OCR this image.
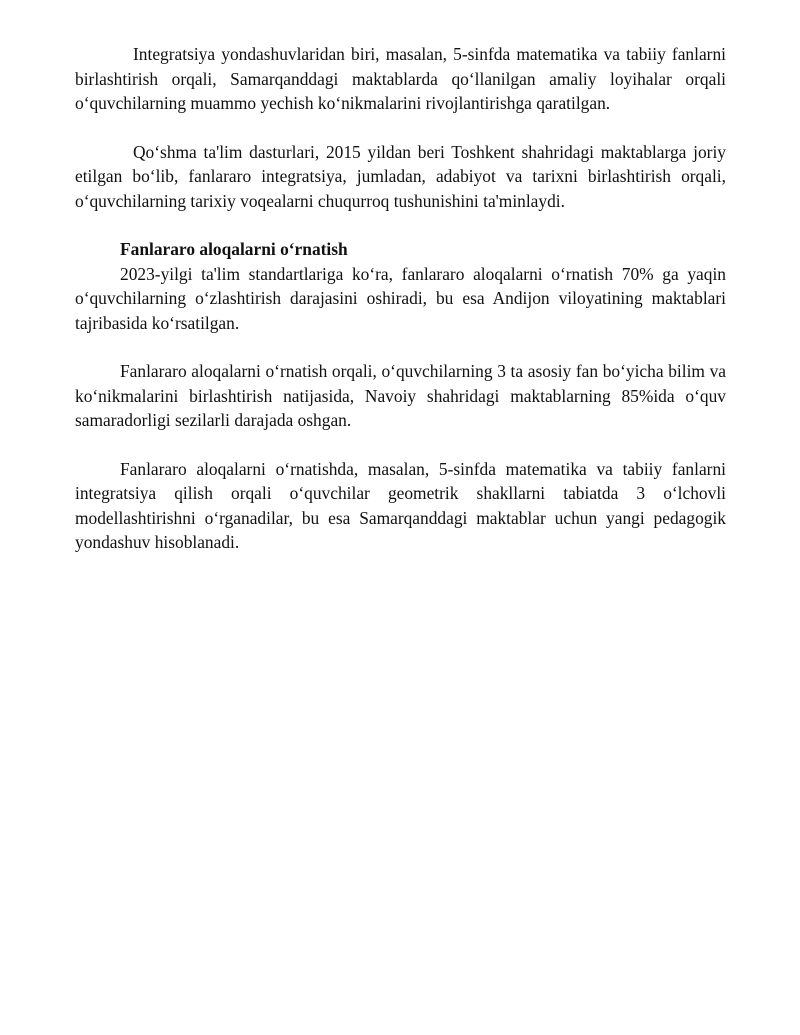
Integratsiya yondashuvlaridan biri, masalan, 5-sinfda matematika va tabiiy fanlarni birlashtirish orqali, Samarqanddagi maktablarda qo‘llanilgan amaliy loyihalar orqali o‘quvchilarning muammo yechish ko‘nikmalarini rivojlantirishga qaratilgan.

Qo‘shma ta'lim dasturlari, 2015 yildan beri Toshkent shahridagi maktablarga joriy etilgan bo‘lib, fanlararo integratsiya, jumladan, adabiyot va tarixni birlashtirish orqali, o‘quvchilarning tarixiy voqealarni chuqurroq tushunishini ta'minlaydi.

Fanlararo aloqalarni o‘rnatish

2023-yilgi ta'lim standartlariga ko‘ra, fanlararo aloqalarni o‘rnatish 70% ga yaqin o‘quvchilarning o‘zlashtirish darajasini oshiradi, bu esa Andijon viloyatining maktablari tajribasida ko‘rsatilgan.

Fanlararo aloqalarni o‘rnatish orqali, o‘quvchilarning 3 ta asosiy fan bo‘yicha bilim va ko‘nikmalarini birlashtirish natijasida, Navoiy shahridagi maktablarning 85%ida o‘quv samaradorligi sezilarli darajada oshgan.

Fanlararo aloqalarni o‘rnatishda, masalan, 5-sinfda matematika va tabiiy fanlarni integratsiya qilish orqali o‘quvchilar geometrik shakllarni tabiatda 3 o‘lchovli modellashtirishni o‘rganadilar, bu esa Samarqanddagi maktablar uchun yangi pedagogik yondashuv hisoblanadi.
